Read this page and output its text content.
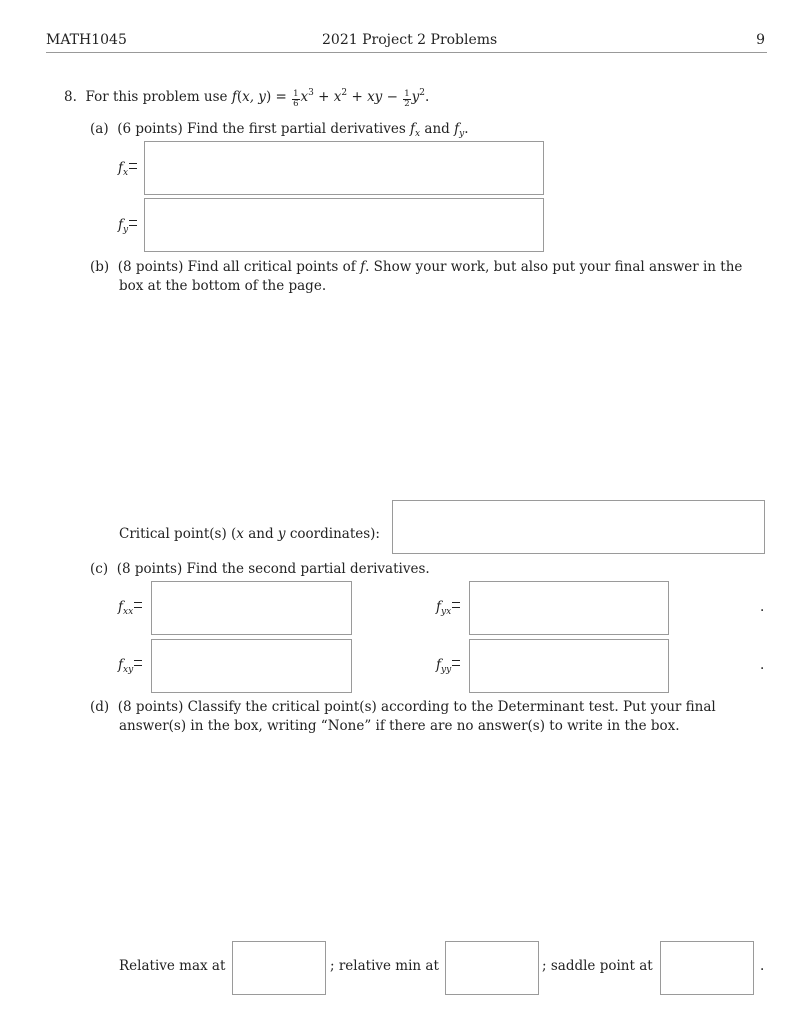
MATH1045	2021 Project 2 Problems	9
8. For this problem use f(x, $y) = \frac{1}{6} x^3 + x^2$ + xy − $\frac{1}{2} y^2$.
(a) (6 points) Find the first partial derivatives $f_x$ and $f_y$.
$f_x$
$f_y$
(b) (8 points) Find all critical points of f. Show your work, but also put your final answer in the
box at the bottom of the page.
Critical point(s) (x and y coordinates):
(c) (8 points) Find the second partial derivatives.
$f_{xx}$	$f_{yx}$	.
$f_{xy}$	$f_{yy}$	.
(d) (8 points) Classify the critical point(s) according to the Determinant test. Put your final
answer(s) in the box, writing “None” if there are no answer(s) to write in the box.
Relative max at	; relative min at	; saddle point at	.
